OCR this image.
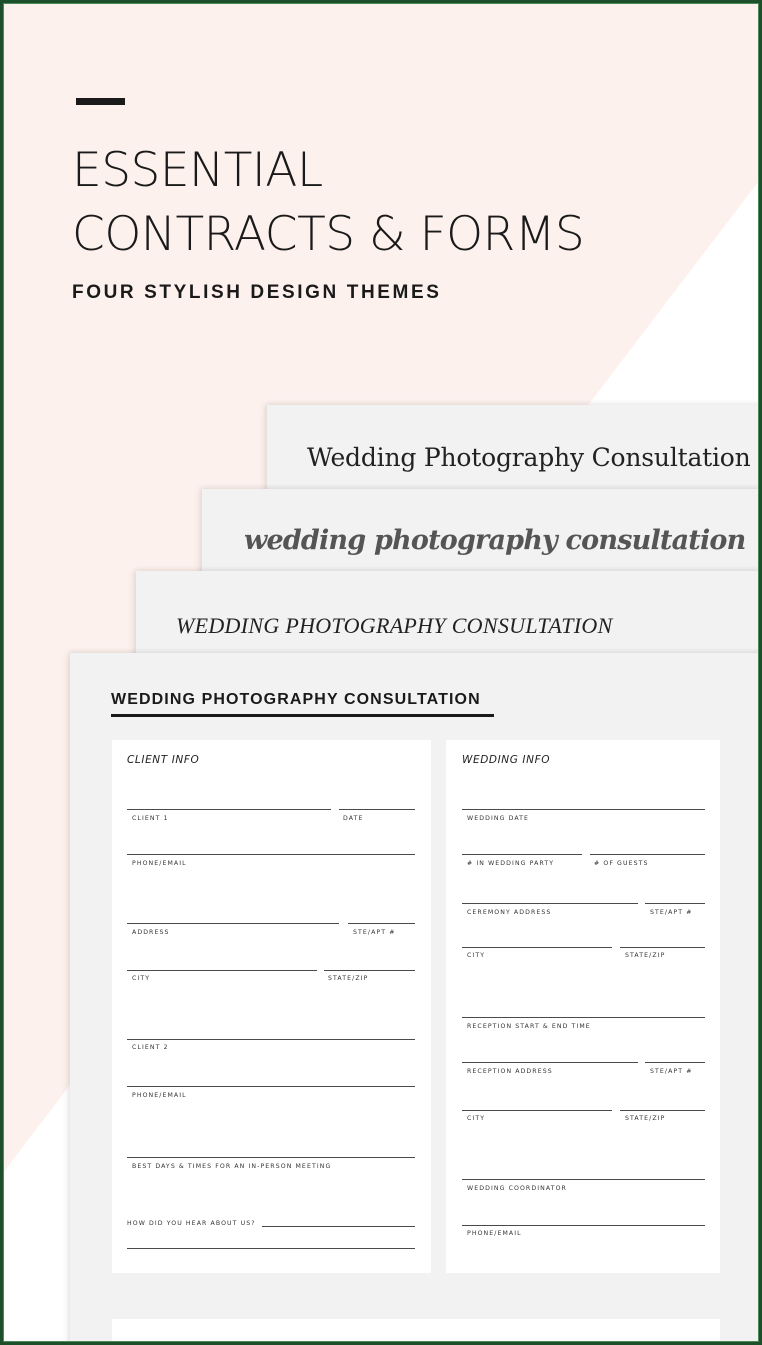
ESSENTIAL
CONTRACTS & FORMS
FOUR STYLISH DESIGN THEMES
Wedding Photography Consultation
wedding photography consultation
WEDDING PHOTOGRAPHY CONSULTATION
WEDDING PHOTOGRAPHY CONSULTATION
CLIENT INFO
CLIENT 1	DATE
PHONE/EMAIL
ADDRESS	STE/APT #
CITY	STATE/ZIP
CLIENT 2
PHONE/EMAIL
BEST DAYS & TIMES FOR AN IN-PERSON MEETING
HOW DID YOU HEAR ABOUT US?
WEDDING INFO
WEDDING DATE
# IN WEDDING PARTY	# OF GUESTS
CEREMONY ADDRESS	STE/APT #
CITY	STATE/ZIP
RECEPTION START & END TIME
RECEPTION ADDRESS	STE/APT #
CITY	STATE/ZIP
WEDDING COORDINATOR
PHONE/EMAIL
